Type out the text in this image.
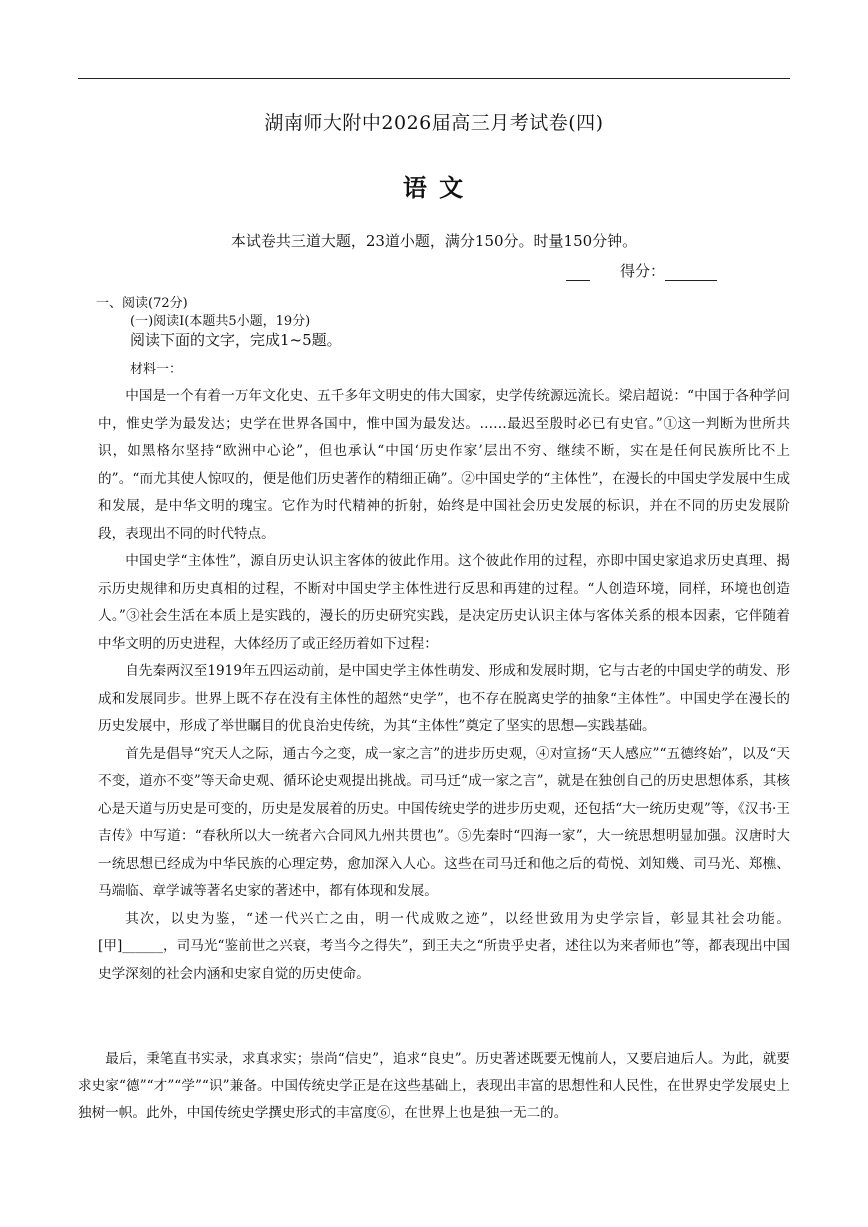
湖南师大附中2026届高三月考试卷(四)
语 文
本试卷共三道大题，23道小题，满分150分。时量150分钟。
得分：
一、阅读(72分)
(一)阅读Ⅰ(本题共5小题，19分)
阅读下面的文字，完成1~5题。
材料一：

中国是一个有着一万年文化史、五千多年文明史的伟大国家，史学传统源远流长。梁启超说：“中国于各种学问中，惟史学为最发达；史学在世界各国中，惟中国为最发达。……最迟至殷时必已有史官。”①这一判断为世所共识，如黑格尔坚持“欧洲中心论”，但也承认“中国‘历史作家’层出不穷、继续不断，实在是任何民族所比不上的”。“而尤其使人惊叹的，便是他们历史著作的精细正确”。②中国史学的“主体性”，在漫长的中国史学发展中生成和发展，是中华文明的瑰宝。它作为时代精神的折射，始终是中国社会历史发展的标识，并在不同的历史发展阶段，表现出不同的时代特点。

中国史学“主体性”，源自历史认识主客体的彼此作用。这个彼此作用的过程，亦即中国史家追求历史真理、揭示历史规律和历史真相的过程，不断对中国史学主体性进行反思和再建的过程。“人创造环境，同样，环境也创造人。”③社会生活在本质上是实践的，漫长的历史研究实践，是决定历史认识主体与客体关系的根本因素，它伴随着中华文明的历史进程，大体经历了或正经历着如下过程：

自先秦两汉至1919年五四运动前，是中国史学主体性萌发、形成和发展时期，它与古老的中国史学的萌发、形成和发展同步。世界上既不存在没有主体性的超然“史学”，也不存在脱离史学的抽象“主体性”。中国史学在漫长的历史发展中，形成了举世瞩目的优良治史传统，为其“主体性”奠定了坚实的思想—实践基础。

首先是倡导“究天人之际，通古今之变，成一家之言”的进步历史观，④对宣扬“天人感应”“五德终始”，以及“天不变，道亦不变”等天命史观、循环论史观提出挑战。司马迁“成一家之言”，就是在独创自己的历史思想体系，其核心是天道与历史是可变的，历史是发展着的历史。中国传统史学的进步历史观，还包括“大一统历史观”等，《汉书·王吉传》中写道：“春秋所以大一统者六合同风九州共贯也”。⑤先秦时“四海一家”，大一统思想明显加强。汉唐时大一统思想已经成为中华民族的心理定势，愈加深入人心。这些在司马迁和他之后的荀悦、刘知幾、司马光、郑樵、马端临、章学诚等著名史家的著述中，都有体现和发展。

其次，以史为鉴，“述一代兴亡之由，明一代成败之迹”，以经世致用为史学宗旨，彰显其社会功能。[甲]______，司马光“鉴前世之兴衰，考当今之得失”，到王夫之“所贵乎史者，述往以为来者师也”等，都表现出中国史学深刻的社会内涵和史家自觉的历史使命。

最后，秉笔直书实录，求真求实；崇尚“信史”，追求“良史”。历史著述既要无愧前人，又要启迪后人。为此，就要求史家“德”“才”“学”“识”兼备。中国传统史学正是在这些基础上，表现出丰富的思想性和人民性，在世界史学发展史上独树一帜。此外，中国传统史学撰史形式的丰富度⑥，在世界上也是独一无二的。
